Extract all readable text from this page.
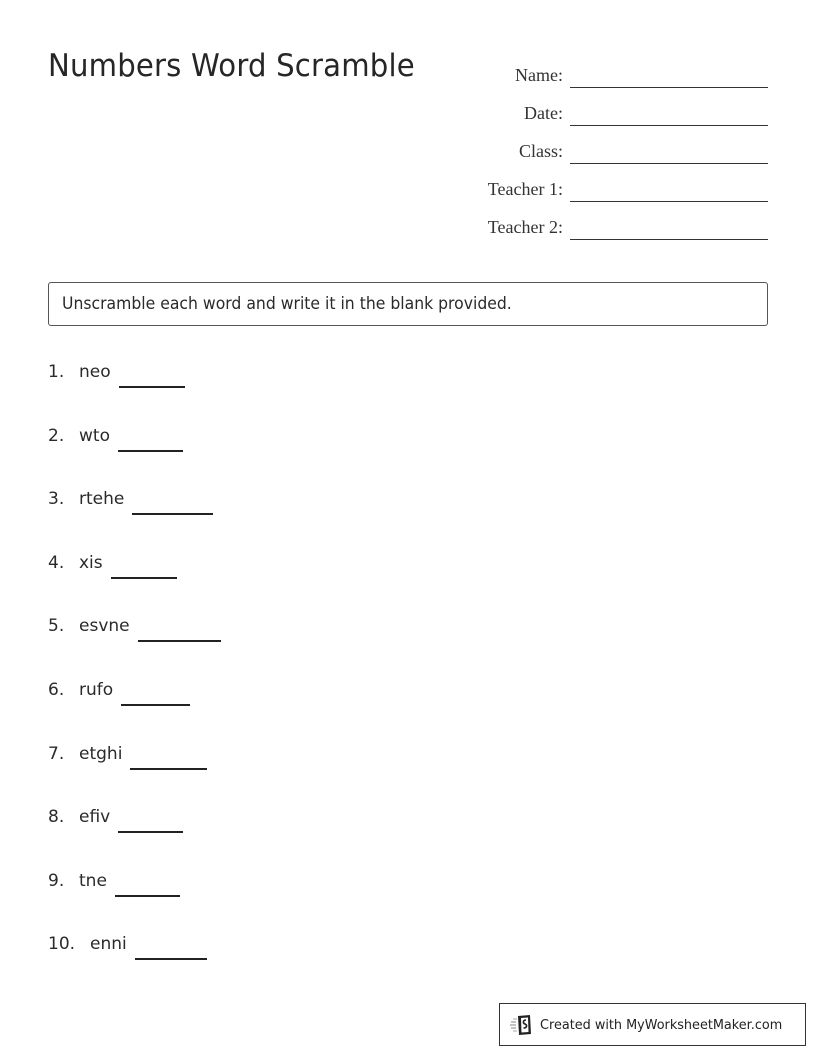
Numbers Word Scramble	Name:
Date:
Class:
Teacher 1:
Teacher 2:
Unscramble each word and write it in the blank provided.
1. neo
2. wto
3. rtehe
4. xis
5. esvne
6. rufo
7. etghi
8. efiv
9. tne
10. enni
Created with MyWorksheetMaker.com
